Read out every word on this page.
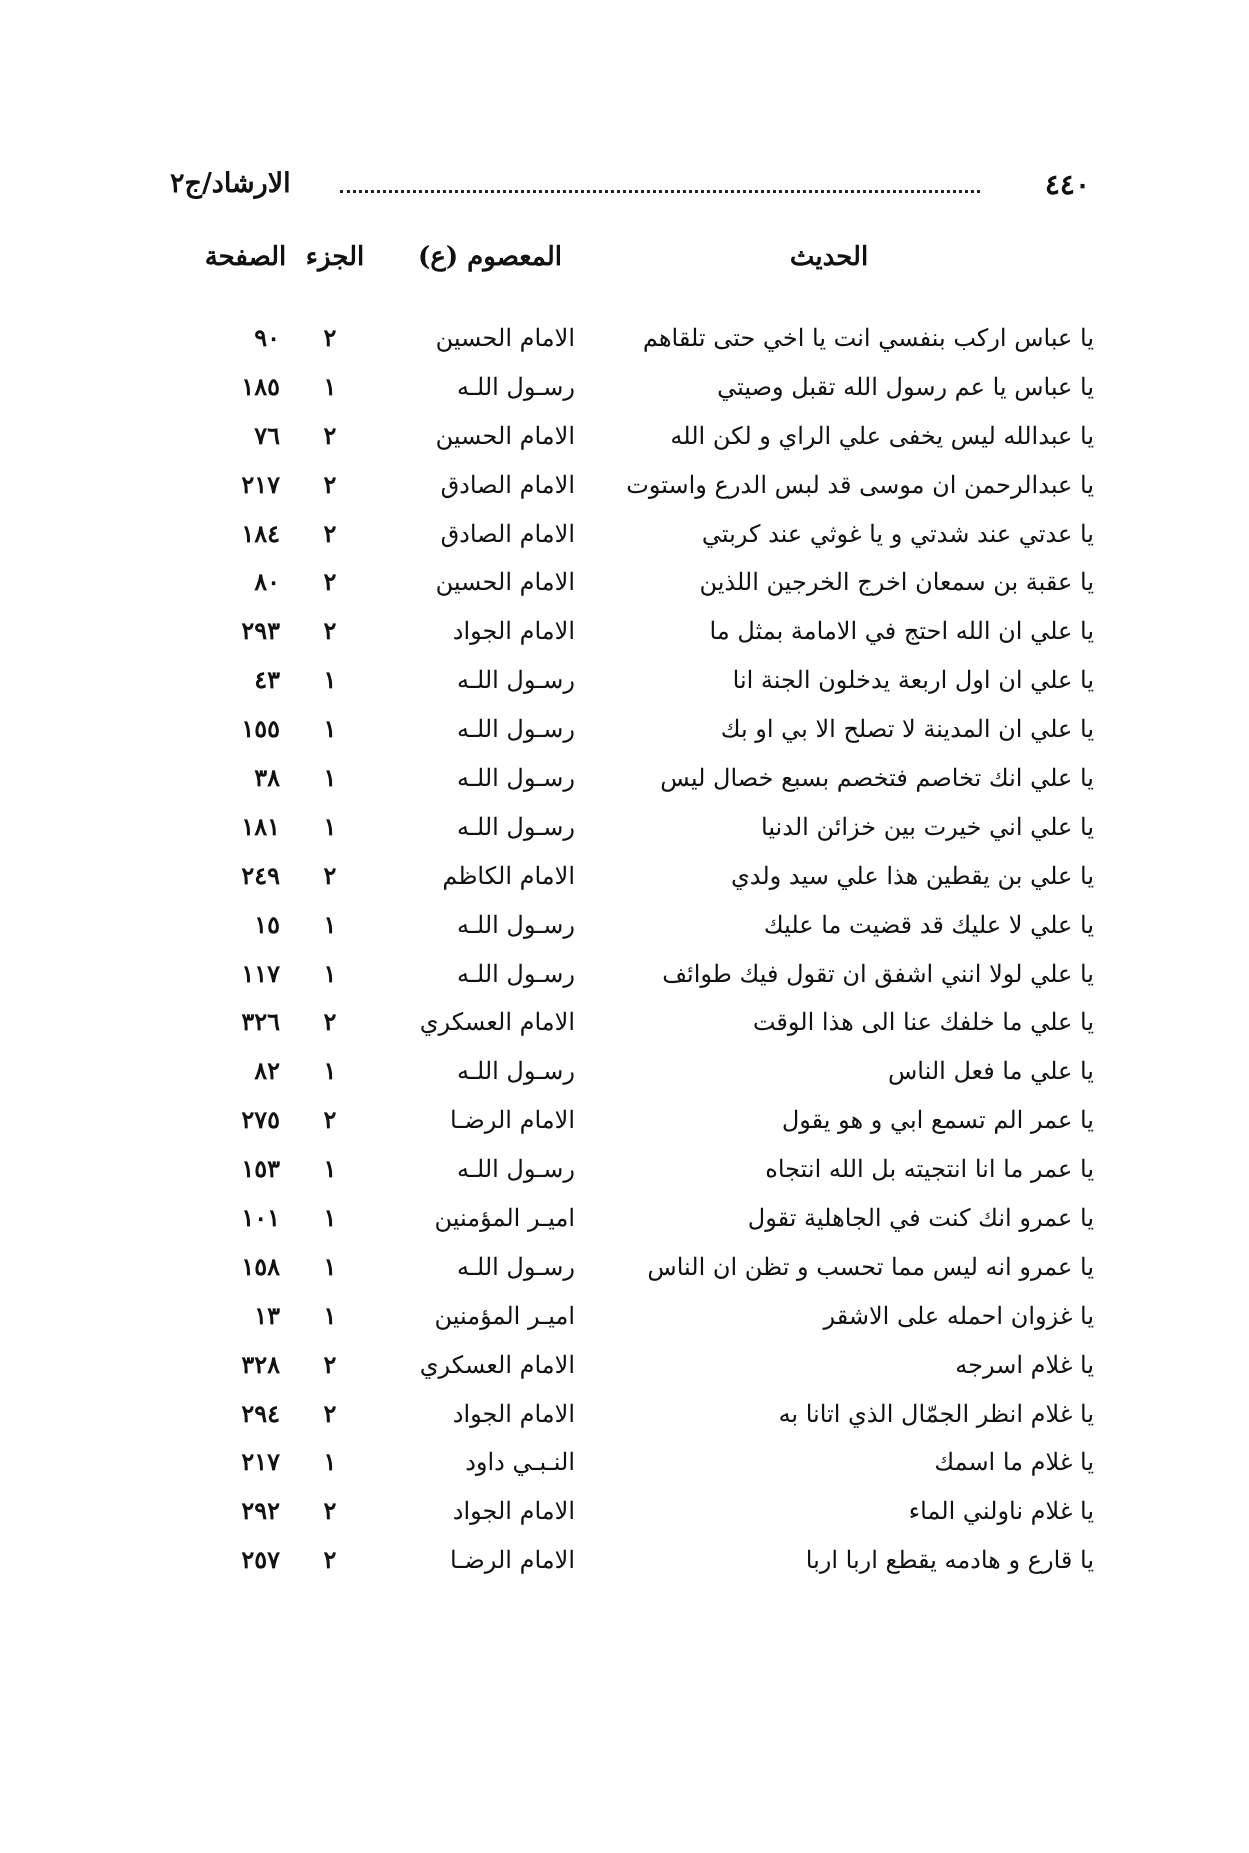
الارشاد/ج٢	٤٤٠
الحديث
المعصوم (ع)
الجزء
الصفحة
يا عباس اركب بنفسي انت يا اخي حتى تلقاهم
الامام الحسين
٢
٩٠
يا عباس يا عم رسول الله تقبل وصيتي
رسـول اللـه
١
١٨٥
يا عبدالله ليس يخفى علي الراي و لكن الله
الامام الحسين
٢
٧٦
يا عبدالرحمن ان موسى قد لبس الدرع واستوت
الامام الصادق
٢
٢١٧
يا عدتي عند شدتي و يا غوثي عند كربتي
الامام الصادق
٢
١٨٤
يا عقبة بن سمعان اخرج الخرجين اللذين
الامام الحسين
٢
٨٠
يا علي ان الله احتج في الامامة بمثل ما
الامام الجواد
٢
٢٩٣
يا علي ان اول اربعة يدخلون الجنة انا
رسـول اللـه
١
٤٣
يا علي ان المدينة لا تصلح الا بي او بك
رسـول اللـه
١
١٥٥
يا علي انك تخاصم فتخصم بسبع خصال ليس
رسـول اللـه
١
٣٨
يا علي اني خيرت بين خزائن الدنيا
رسـول اللـه
١
١٨١
يا علي بن يقطين هذا علي سيد ولدي
الامام الكاظم
٢
٢٤٩
يا علي لا عليك قد قضيت ما عليك
رسـول اللـه
١
١٥
يا علي لولا انني اشفق ان تقول فيك طوائف
رسـول اللـه
١
١١٧
يا علي ما خلفك عنا الى هذا الوقت
الامام العسكري
٢
٣٢٦
يا علي ما فعل الناس
رسـول اللـه
١
٨٢
يا عمر الم تسمع ابي و هو يقول
الامام الرضـا
٢
٢٧٥
يا عمر ما انا انتجيته بل الله انتجاه
رسـول اللـه
١
١٥٣
يا عمرو انك كنت في الجاهلية تقول
اميـر المؤمنين
١
١٠١
يا عمرو انه ليس مما تحسب و تظن ان الناس
رسـول اللـه
١
١٥٨
يا غزوان احمله على الاشقر
اميـر المؤمنين
١
١٣
يا غلام اسرجه
الامام العسكري
٢
٣٢٨
يا غلام انظر الجمّال الذي اتانا به
الامام الجواد
٢
٢٩٤
يا غلام ما اسمك
النـبـي داود
١
٢١٧
يا غلام ناولني الماء
الامام الجواد
٢
٢٩٢
يا قارع و هادمه يقطع اربا اربا
الامام الرضـا
٢
٢٥٧
